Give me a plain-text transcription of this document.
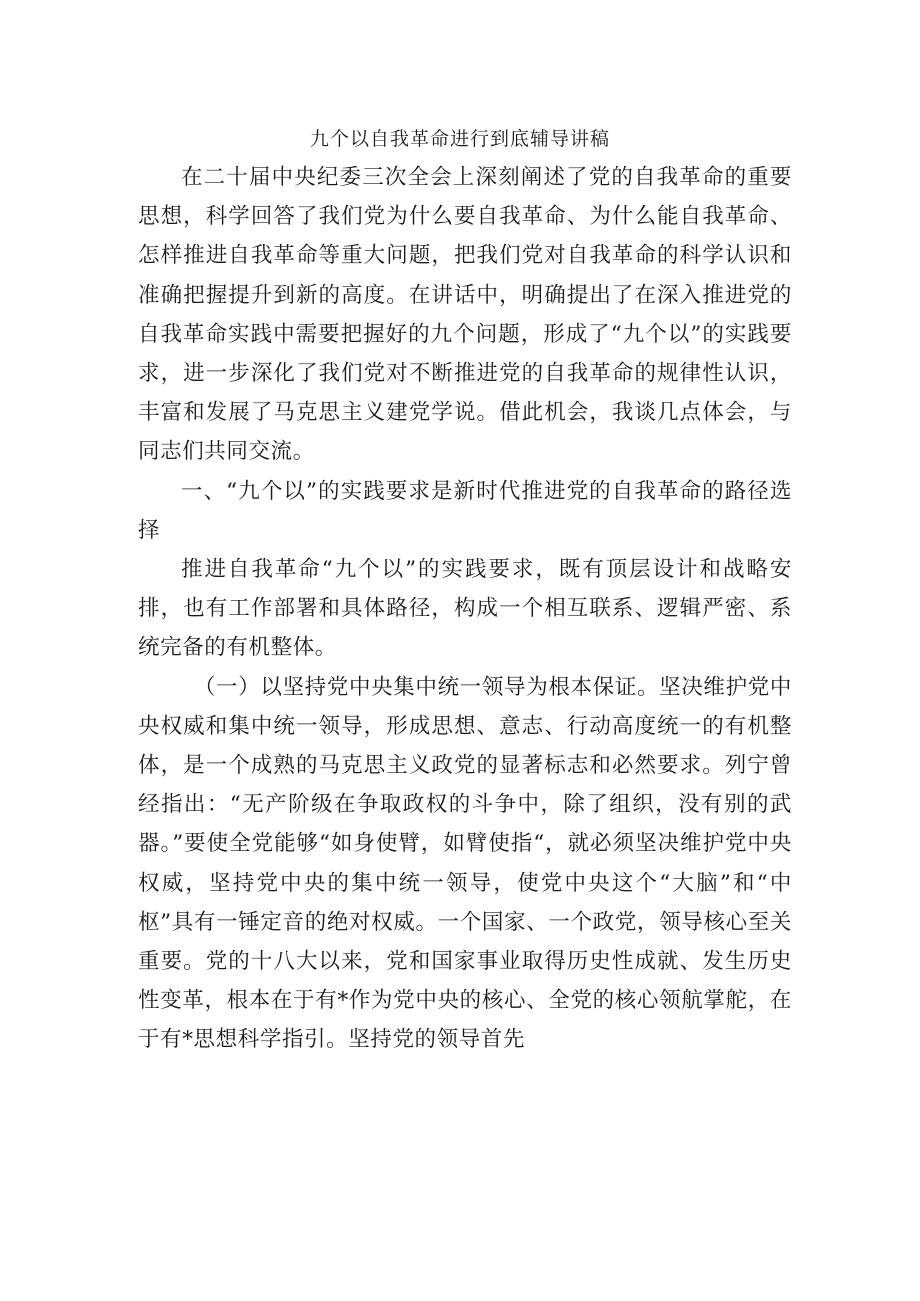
九个以自我革命进行到底辅导讲稿

在二十届中央纪委三次全会上深刻阐述了党的自我革命的重要思想，科学回答了我们党为什么要自我革命、为什么能自我革命、怎样推进自我革命等重大问题，把我们党对自我革命的科学认识和准确把握提升到新的高度。在讲话中，明确提出了在深入推进党的自我革命实践中需要把握好的九个问题，形成了“九个以”的实践要求，进一步深化了我们党对不断推进党的自我革命的规律性认识，丰富和发展了马克思主义建党学说。借此机会，我谈几点体会，与同志们共同交流。

一、“九个以”的实践要求是新时代推进党的自我革命的路径选择

推进自我革命“九个以”的实践要求，既有顶层设计和战略安排，也有工作部署和具体路径，构成一个相互联系、逻辑严密、系统完备的有机整体。

（一）以坚持党中央集中统一领导为根本保证。坚决维护党中央权威和集中统一领导，形成思想、意志、行动高度统一的有机整体，是一个成熟的马克思主义政党的显著标志和必然要求。列宁曾经指出：“无产阶级在争取政权的斗争中，除了组织，没有别的武器。”要使全党能够“如身使臂，如臂使指“，就必须坚决维护党中央权威，坚持党中央的集中统一领导，使党中央这个“大脑”和“中枢”具有一锤定音的绝对权威。一个国家、一个政党，领导核心至关重要。党的十八大以来，党和国家事业取得历史性成就、发生历史性变革，根本在于有*作为党中央的核心、全党的核心领航掌舵，在于有*思想科学指引。坚持党的领导首先
